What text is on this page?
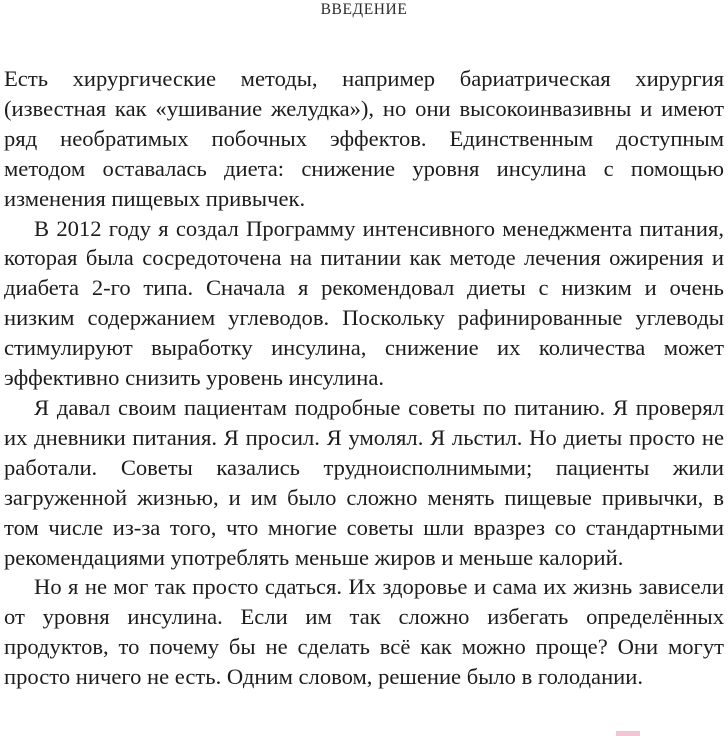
ВВЕДЕНИЕ

Есть хирургические методы, например бариатрическая хирургия (известная как «ушивание желудка»), но они высокоинвазивны и имеют ряд необратимых побочных эффектов. Единственным доступным методом оставалась диета: снижение уровня инсулина с помощью изменения пищевых привычек.

В 2012 году я создал Программу интенсивного менеджмента питания, которая была сосредоточена на питании как методе лечения ожирения и диабета 2-го типа. Сначала я рекомендовал диеты с низким и очень низким содержанием углеводов. Поскольку рафинированные углеводы стимулируют выработку инсулина, снижение их количества может эффективно снизить уровень инсулина.

Я давал своим пациентам подробные советы по питанию. Я проверял их дневники питания. Я просил. Я умолял. Я льстил. Но диеты просто не работали. Советы казались трудноисполнимыми; пациенты жили загруженной жизнью, и им было сложно менять пищевые привычки, в том числе из-за того, что многие советы шли вразрез со стандартными рекомендациями употреблять меньше жиров и меньше калорий.

Но я не мог так просто сдаться. Их здоровье и сама их жизнь зависели от уровня инсулина. Если им так сложно избегать определённых продуктов, то почему бы не сделать всё как можно проще? Они могут просто ничего не есть. Одним словом, решение было в голодании.
